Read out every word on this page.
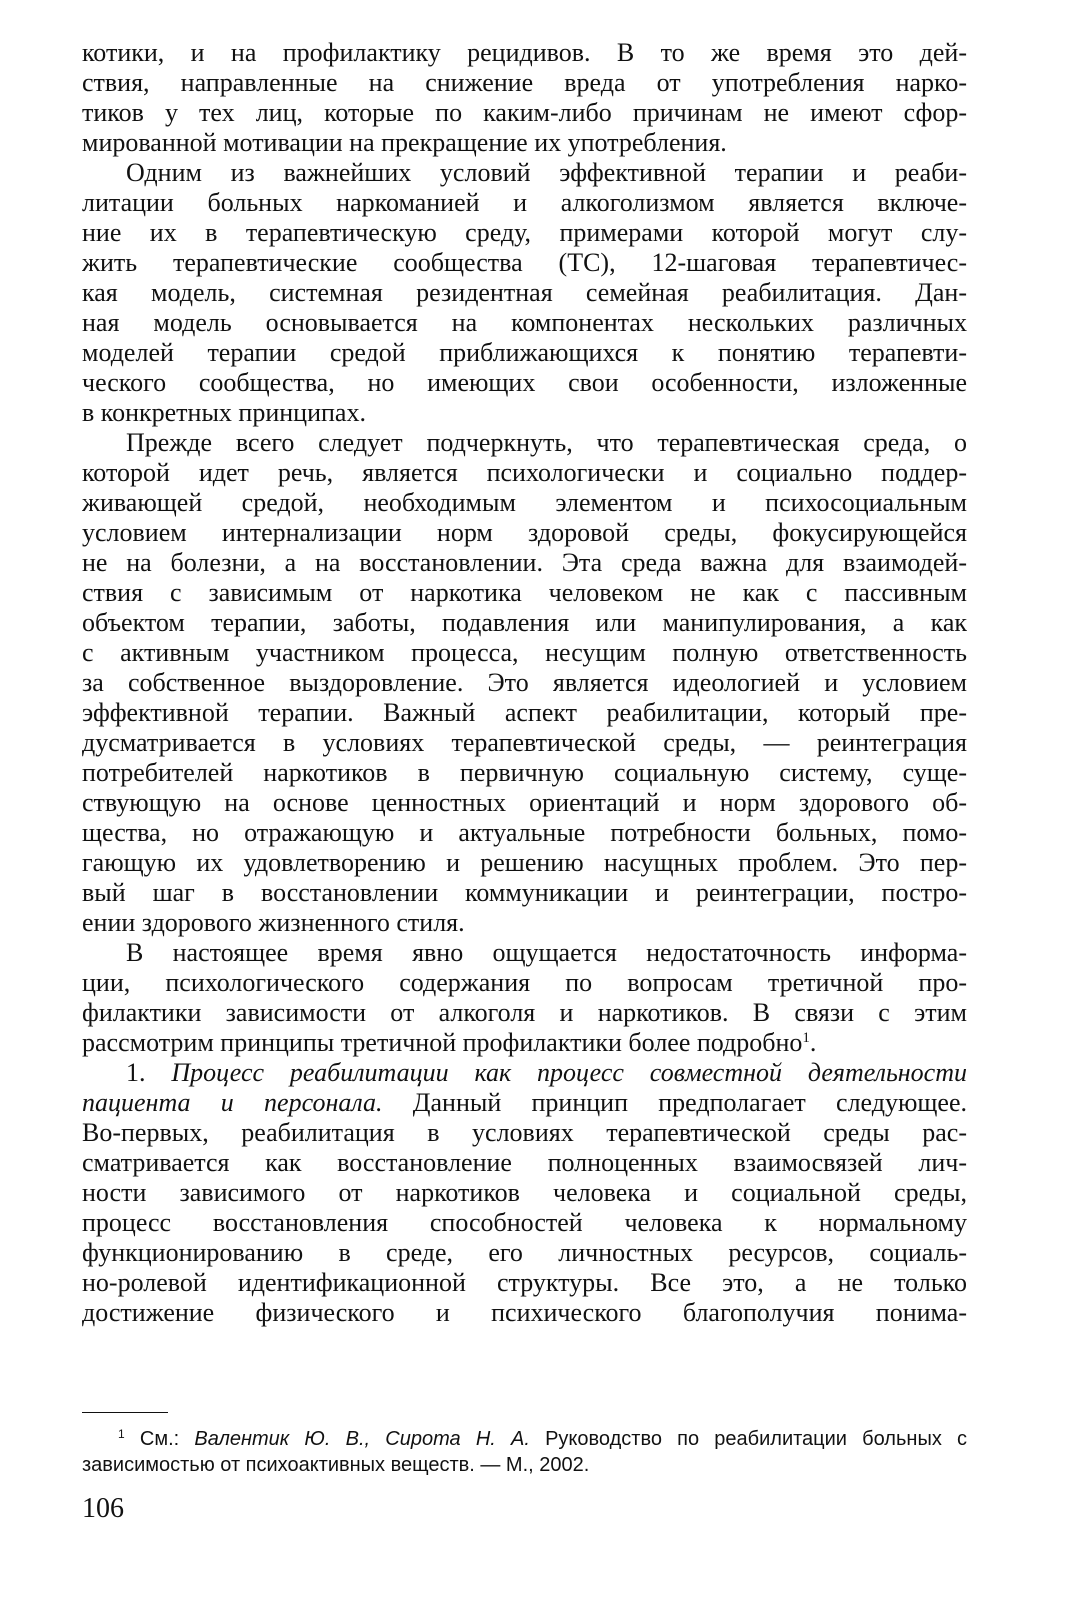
котики, и на профилактику рецидивов. В то же время это дей-
ствия, направленные на снижение вреда от употребления нарко-
тиков у тех лиц, которые по каким-либо причинам не имеют сфор-
мированной мотивации на прекращение их употребления.
Одним из важнейших условий эффективной терапии и реаби-
литации больных наркоманией и алкоголизмом является включе-
ние их в терапевтическую среду, примерами которой могут слу-
жить терапевтические сообщества (ТС), 12-шаговая терапевтичес-
кая модель, системная резидентная семейная реабилитация. Дан-
ная модель основывается на компонентах нескольких различных
моделей терапии средой приближающихся к понятию терапевти-
ческого сообщества, но имеющих свои особенности, изложенные
в конкретных принципах.
Прежде всего следует подчеркнуть, что терапевтическая среда, о
которой идет речь, является психологически и социально поддер-
живающей средой, необходимым элементом и психосоциальным
условием интернализации норм здоровой среды, фокусирующейся
не на болезни, а на восстановлении. Эта среда важна для взаимодей-
ствия с зависимым от наркотика человеком не как с пассивным
объектом терапии, заботы, подавления или манипулирования, а как
с активным участником процесса, несущим полную ответственность
за собственное выздоровление. Это является идеологией и условием
эффективной терапии. Важный аспект реабилитации, который пре-
дусматривается в условиях терапевтической среды, — реинтеграция
потребителей наркотиков в первичную социальную систему, суще-
ствующую на основе ценностных ориентаций и норм здорового об-
щества, но отражающую и актуальные потребности больных, помо-
гающую их удовлетворению и решению насущных проблем. Это пер-
вый шаг в восстановлении коммуникации и реинтеграции, постро-
ении здорового жизненного стиля.
В настоящее время явно ощущается недостаточность информа-
ции, психологического содержания по вопросам третичной про-
филактики зависимости от алкоголя и наркотиков. В связи с этим
рассмотрим принципы третичной профилактики более подробно$^1$.
1. Процесс реабилитации как процесс совместной деятельности
пациента и персонала. Данный принцип предполагает следующее.
Во-первых, реабилитация в условиях терапевтической среды рас-
сматривается как восстановление полноценных взаимосвязей лич-
ности зависимого от наркотиков человека и социальной среды,
процесс восстановления способностей человека к нормальному
функционированию в среде, его личностных ресурсов, социаль-
но-ролевой идентификационной структуры. Все это, а не только
достижение физического и психического благополучия понима-
$^1$ См.: Валентик Ю. В., Сирота Н. А. Руководство по реабилитации больных с
зависимостью от психоактивных веществ. — М., 2002.
106
